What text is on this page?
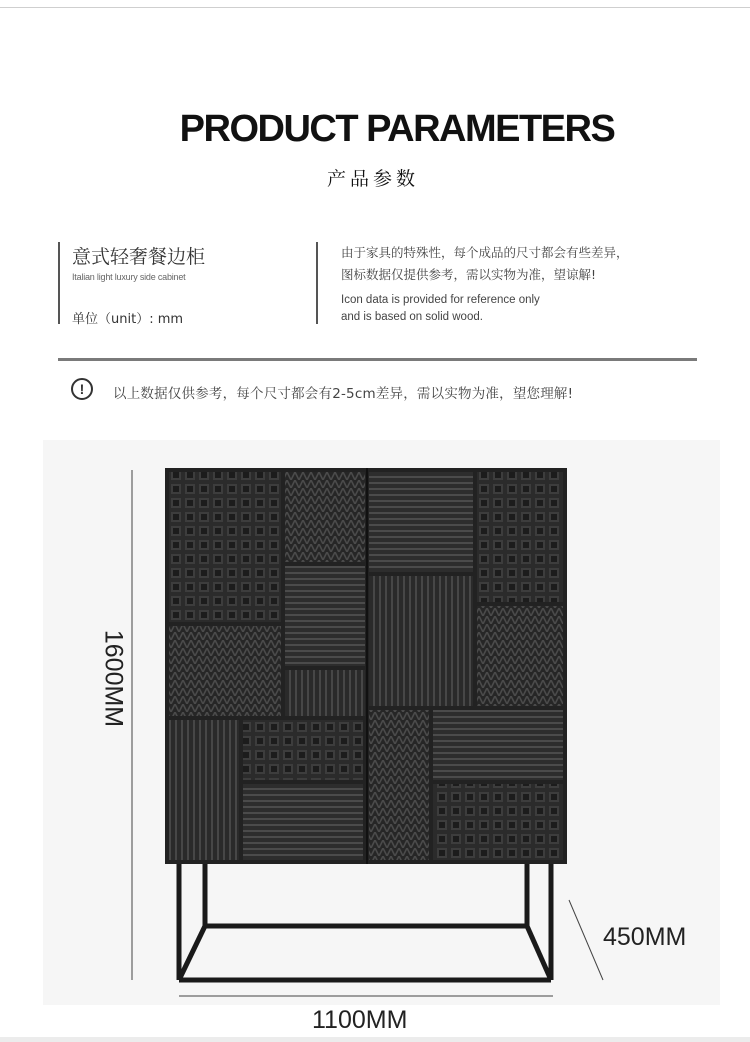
PRODUCT PARAMETERS
产品参数
意式轻奢餐边柜
Italian light luxury side cabinet
单位（unit）: mm
由于家具的特殊性，每个成品的尺寸都会有些差异，
图标数据仅提供参考，需以实物为准，望谅解!
Icon data is provided for reference only
and is based on solid wood.
!	以上数据仅供参考，每个尺寸都会有2-5cm差异，需以实物为准，望您理解!
1600MM
450MM
1100MM
